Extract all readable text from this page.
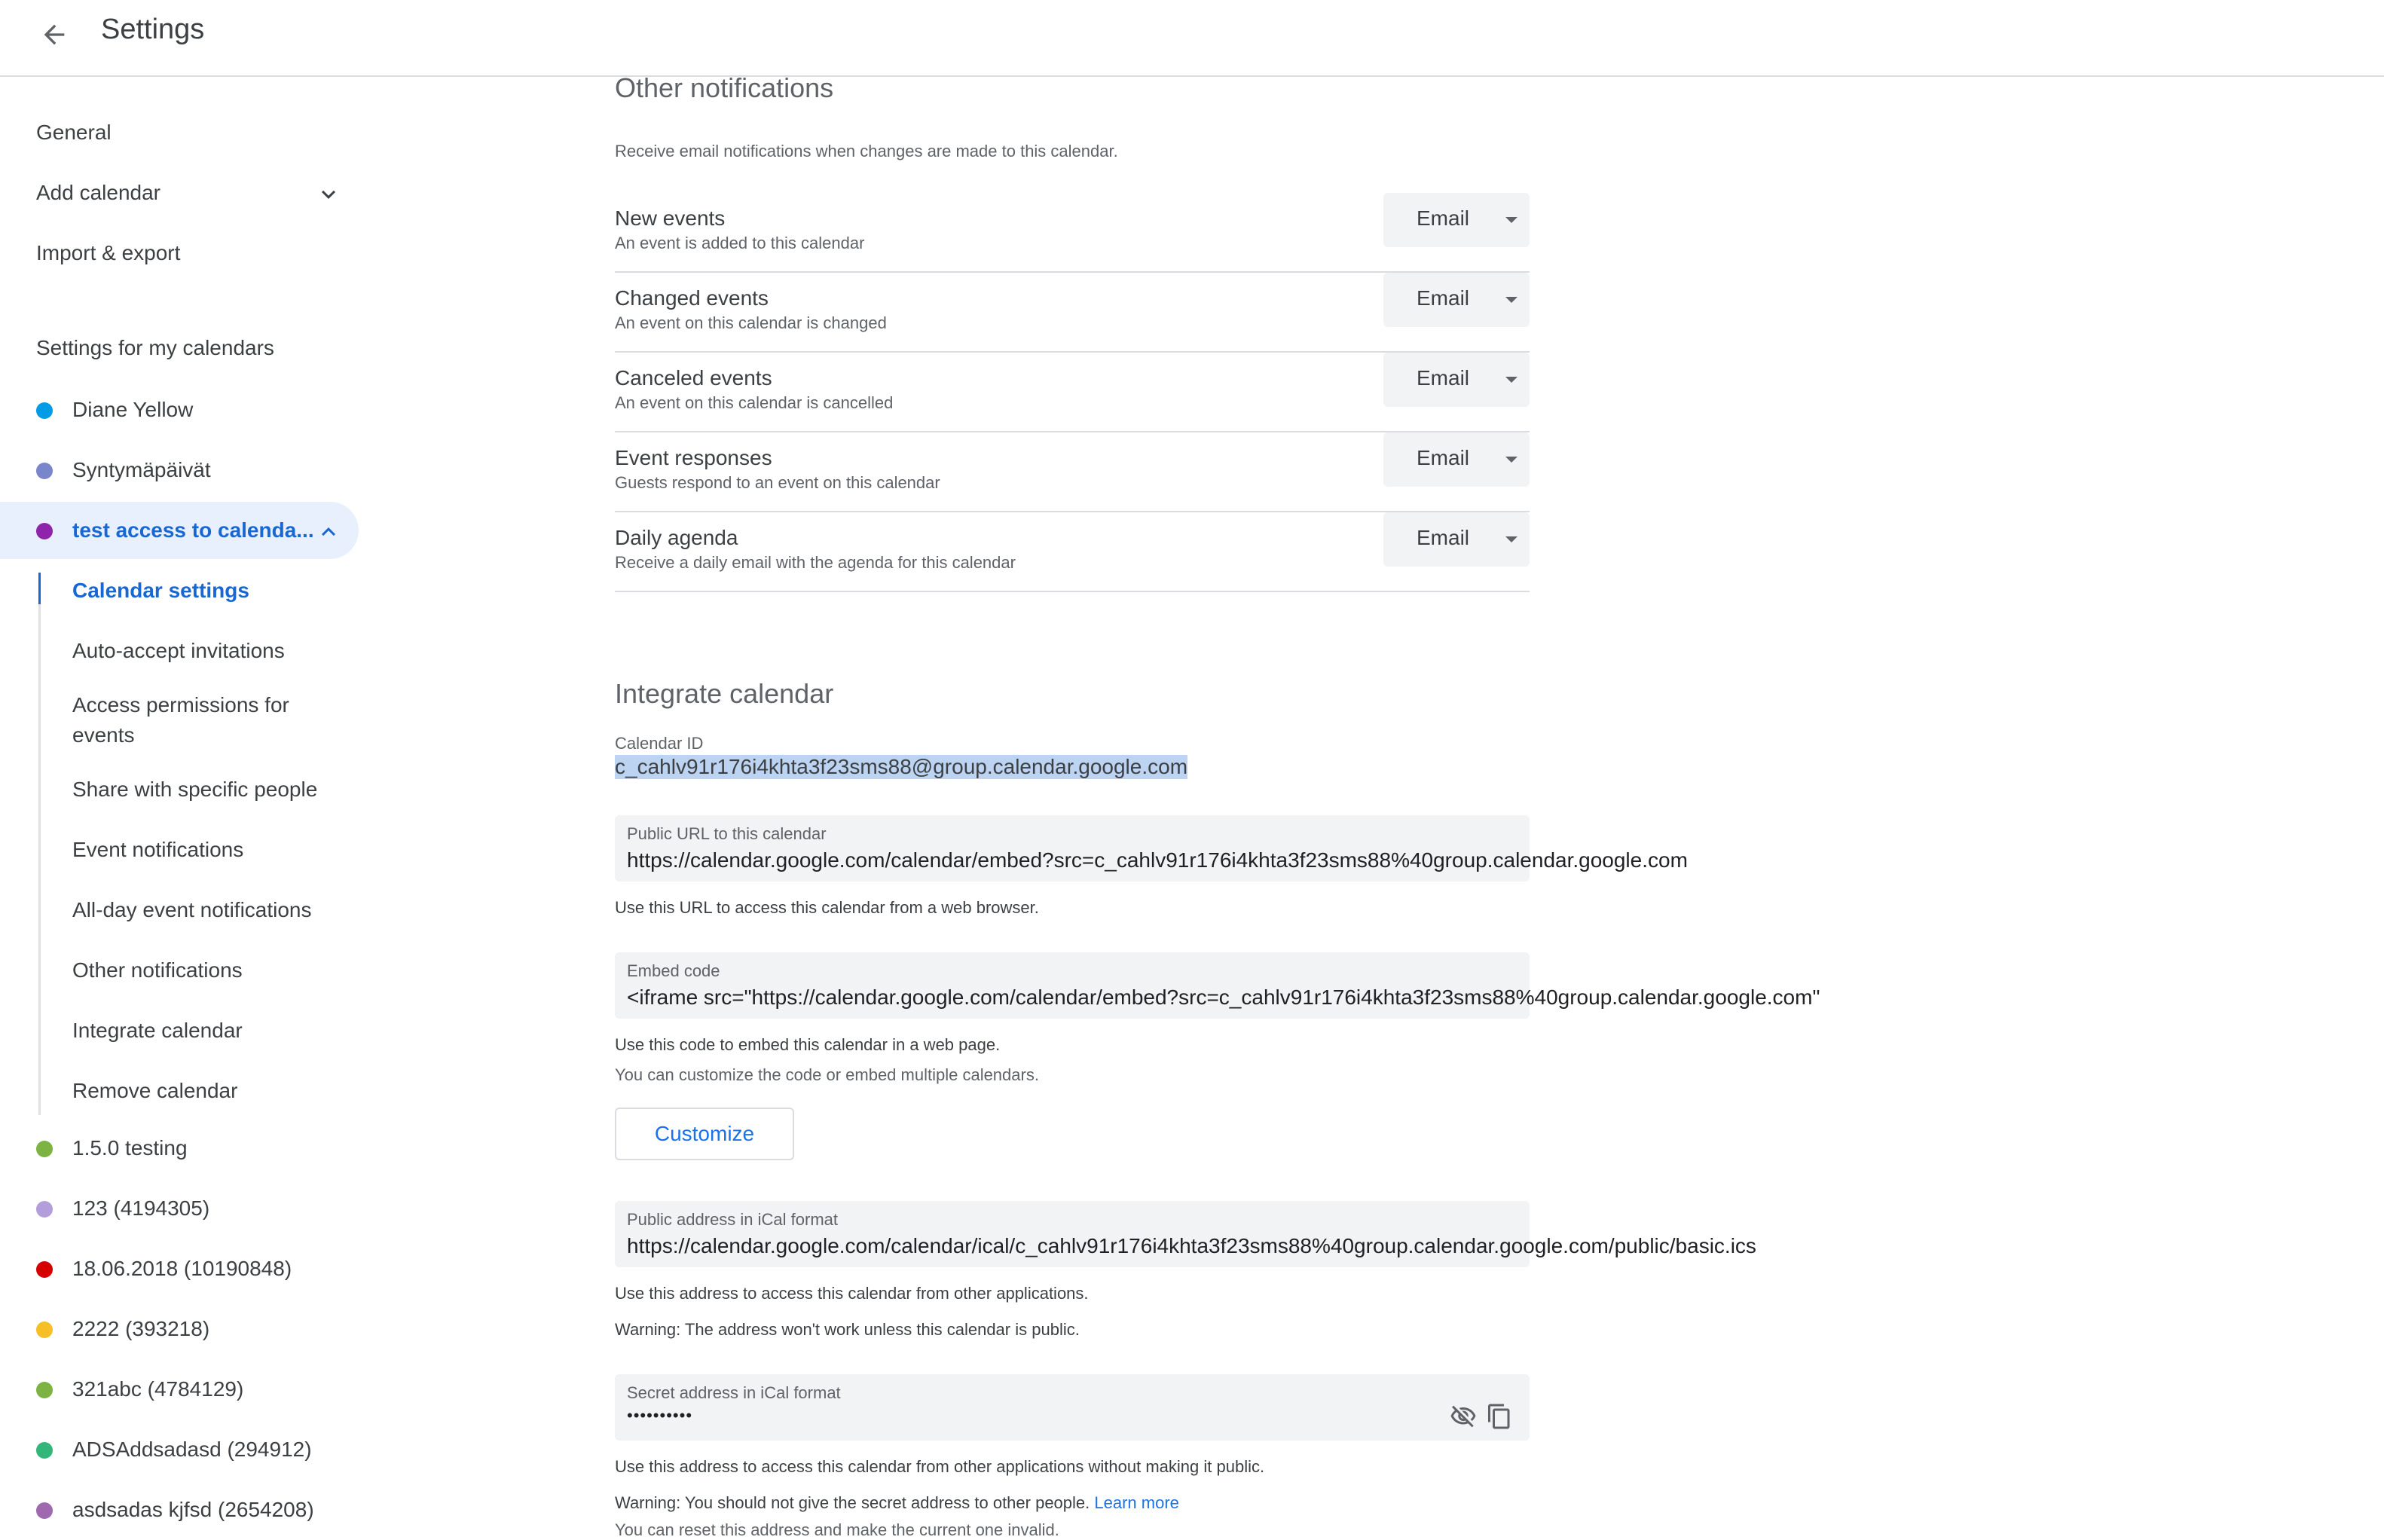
Settings
General
Add calendar
Import & export
Settings for my calendars
Diane Yellow
Syntymäpäivät
test access to calenda...
Calendar settings
Auto-accept invitations
Access permissions for events
Share with specific people
Event notifications
All-day event notifications
Other notifications
Integrate calendar
Remove calendar
1.5.0 testing
123 (4194305)
18.06.2018 (10190848)
2222 (393218)
321abc (4784129)
ADSAddsadasd (294912)
asdsadas kjfsd (2654208)
Other notifications
Receive email notifications when changes are made to this calendar.
New events
An event is added to this calendar
Email
Changed events
An event on this calendar is changed
Email
Canceled events
An event on this calendar is cancelled
Email
Event responses
Guests respond to an event on this calendar
Email
Daily agenda
Receive a daily email with the agenda for this calendar
Email
Integrate calendar
Calendar ID
c_cahlv91r176i4khta3f23sms88@group.calendar.google.com
Public URL to this calendar
https://calendar.google.com/calendar/embed?src=c_cahlv91r176i4khta3f23sms88%40group.calendar.google.com
Use this URL to access this calendar from a web browser.
Embed code
<iframe src="https://calendar.google.com/calendar/embed?src=c_cahlv91r176i4khta3f23sms88%40group.calendar.google.com"
Use this code to embed this calendar in a web page.
You can customize the code or embed multiple calendars.
Customize
Public address in iCal format
https://calendar.google.com/calendar/ical/c_cahlv91r176i4khta3f23sms88%40group.calendar.google.com/public/basic.ics
Use this address to access this calendar from other applications.
Warning: The address won't work unless this calendar is public.
Secret address in iCal format
••••••••••
Use this address to access this calendar from other applications without making it public.
Warning: You should not give the secret address to other people. Learn more
You can reset this address and make the current one invalid.
